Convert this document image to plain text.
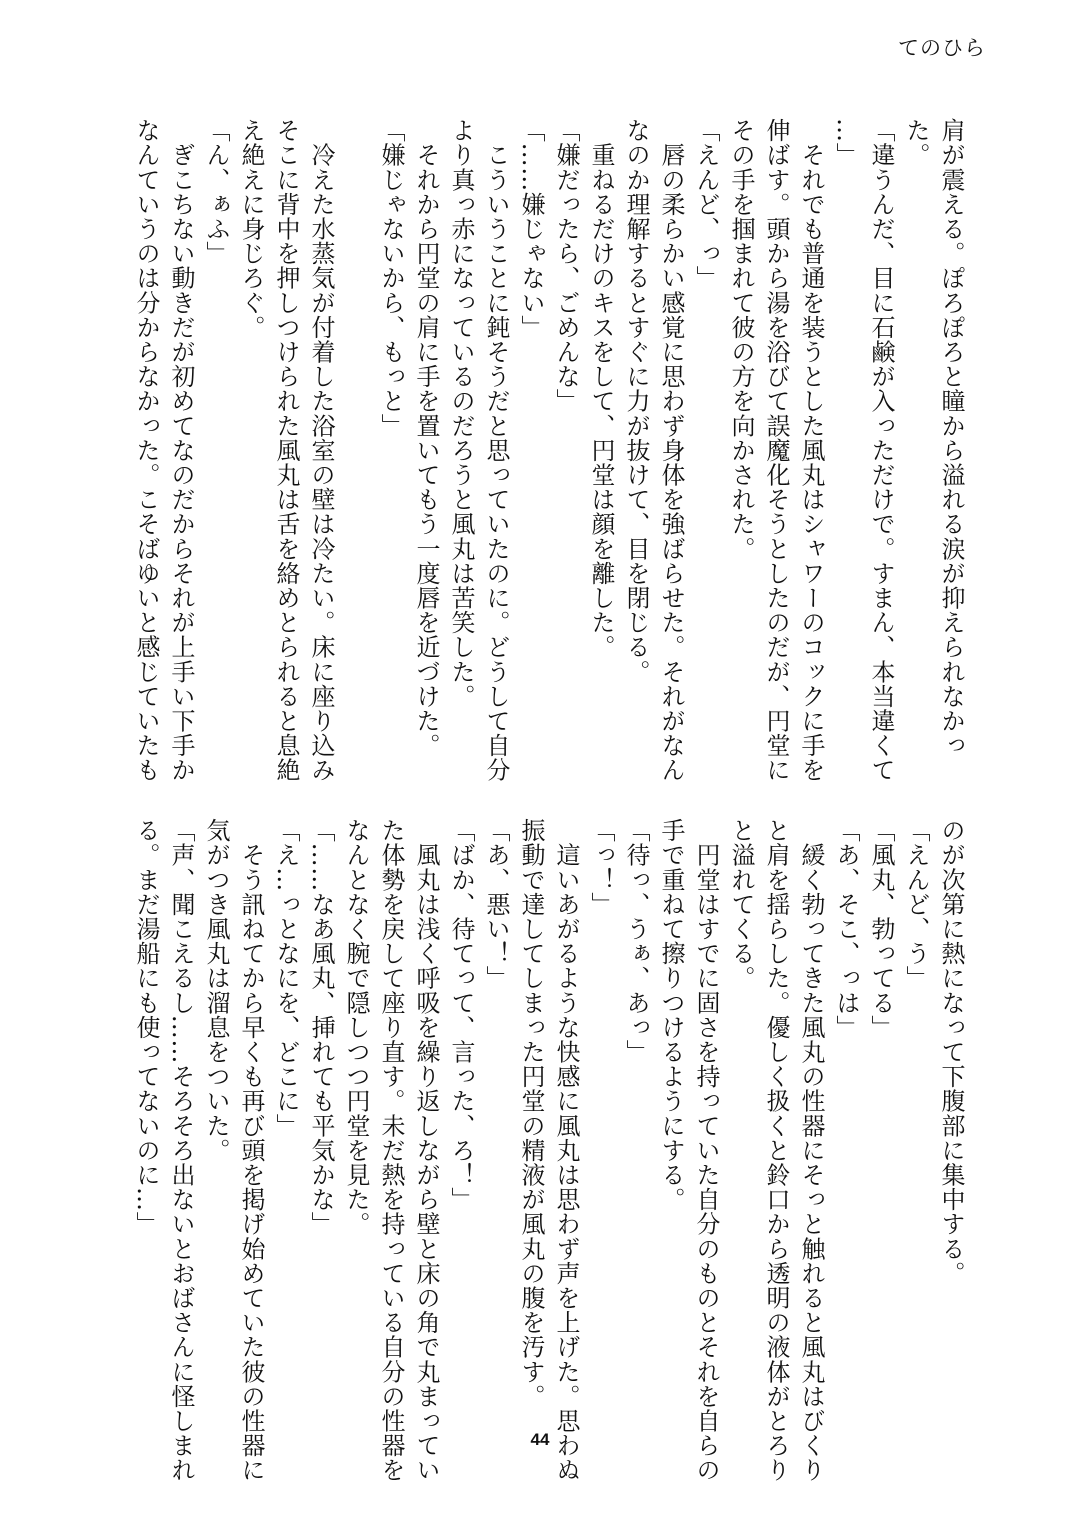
てのひら
肩が震える。ぽろぽろと瞳から溢れる涙が抑えられなかっ
た。
「違うんだ、目に石鹸が入っただけで。すまん、本当違くて
…」
　それでも普通を装うとした風丸はシャワーのコックに手を
伸ばす。頭から湯を浴びて誤魔化そうとしたのだが、円堂に
その手を掴まれて彼の方を向かされた。
「えんど、っ」
　唇の柔らかい感覚に思わず身体を強ばらせた。それがなん
なのか理解するとすぐに力が抜けて、目を閉じる。
　重ねるだけのキスをして、円堂は顔を離した。
「嫌だったら、ごめんな」
「……嫌じゃない」
　こういうことに鈍そうだと思っていたのに。どうして自分
より真っ赤になっているのだろうと風丸は苦笑した。
　それから円堂の肩に手を置いてもう一度唇を近づけた。
「嫌じゃないから、もっと」
　冷えた水蒸気が付着した浴室の壁は冷たい。床に座り込み
そこに背中を押しつけられた風丸は舌を絡めとられると息絶
え絶えに身じろぐ。
「ん、ぁふ」
　ぎこちない動きだが初めてなのだからそれが上手い下手か
なんていうのは分からなかった。こそばゆいと感じていたも
のが次第に熱になって下腹部に集中する。
「えんど、う」
「風丸、勃ってる」
「あ、そこ、っは」
　緩く勃ってきた風丸の性器にそっと触れると風丸はびくり
と肩を揺らした。優しく扱くと鈴口から透明の液体がとろり
と溢れてくる。
　円堂はすでに固さを持っていた自分のものとそれを自らの
手で重ねて擦りつけるようにする。
「待っ、うぁ、あっ」
「っ！」
　這いあがるような快感に風丸は思わず声を上げた。思わぬ
振動で達してしまった円堂の精液が風丸の腹を汚す。
「あ、悪い！」
「ばか、待てって、言った、ろ！」
　風丸は浅く呼吸を繰り返しながら壁と床の角で丸まってい
た体勢を戻して座り直す。未だ熱を持っている自分の性器を
なんとなく腕で隠しつつ円堂を見た。
「……なあ風丸、挿れても平気かな」
「え…っとなにを、どこに」
　そう訊ねてから早くも再び頭を掲げ始めていた彼の性器に
気がつき風丸は溜息をついた。
「声、聞こえるし……そろそろ出ないとおばさんに怪しまれ
る。まだ湯船にも使ってないのに…」
44
